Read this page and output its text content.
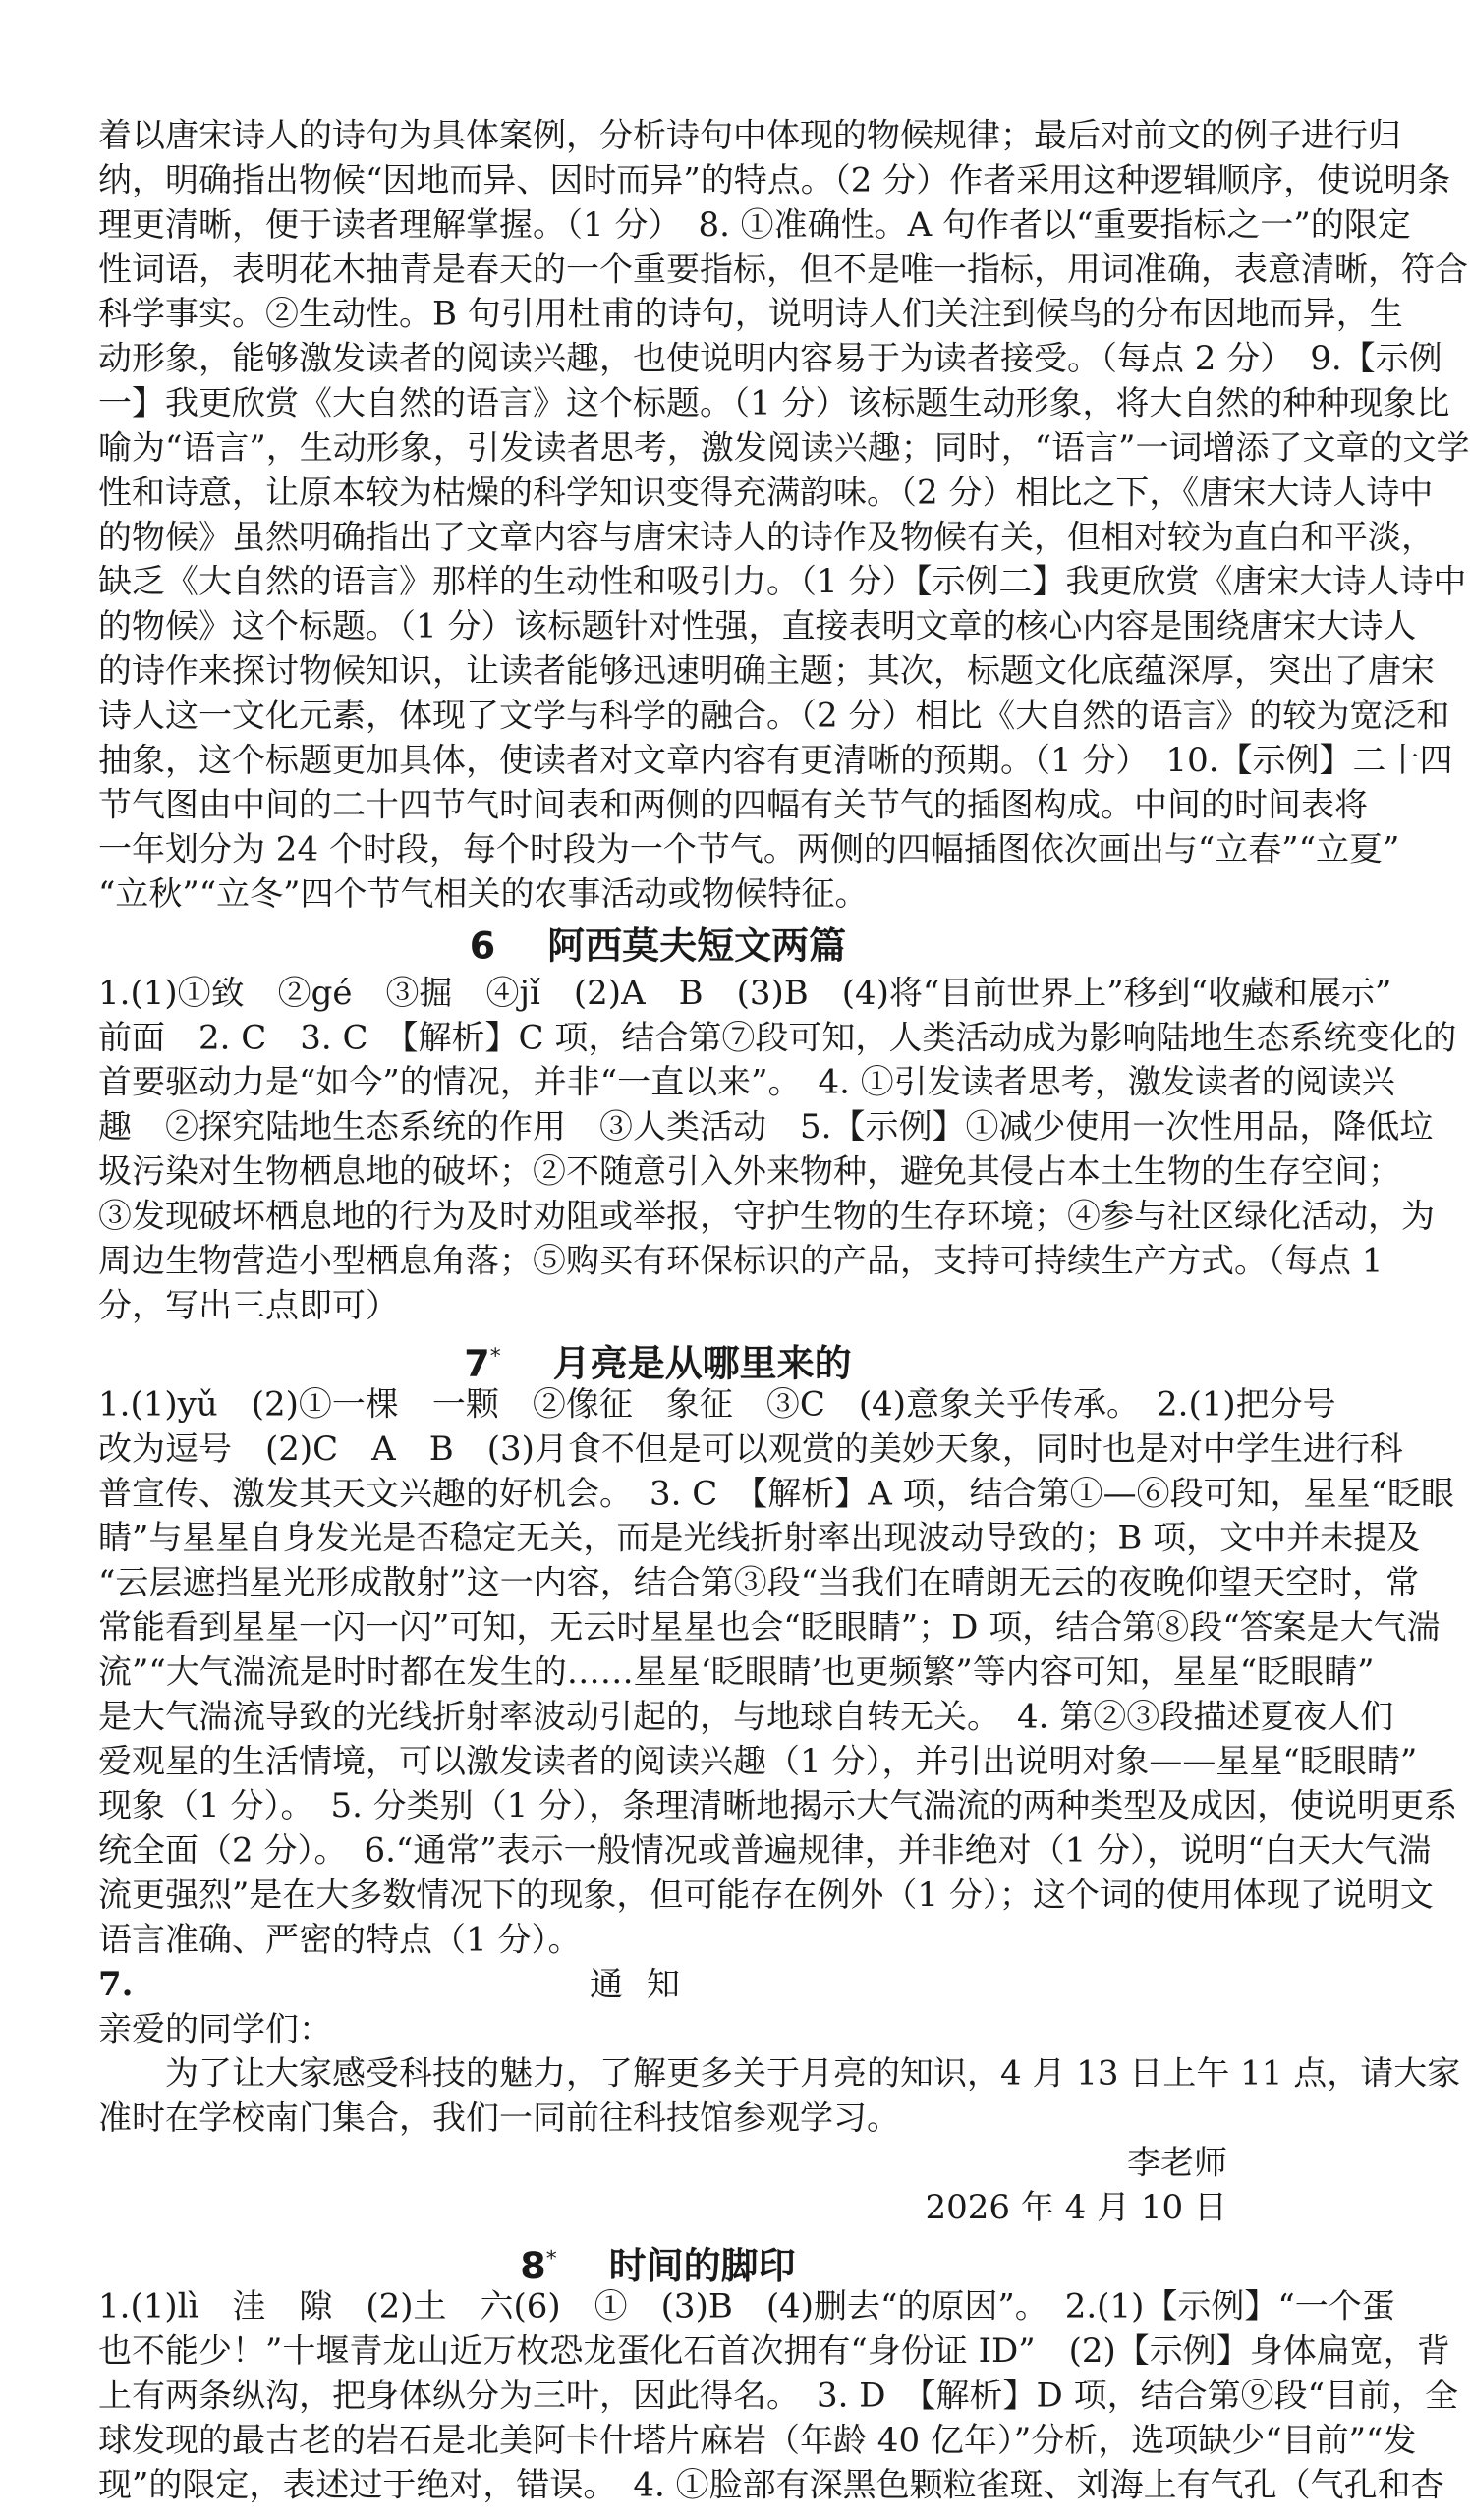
着以唐宋诗人的诗句为具体案例，分析诗句中体现的物候规律；最后对前文的例子进行归
纳，明确指出物候“因地而异、因时而异”的特点。（2 分）作者采用这种逻辑顺序，使说明条
理更清晰，便于读者理解掌握。（1 分）　8. ①准确性。A 句作者以“重要指标之一”的限定
性词语，表明花木抽青是春天的一个重要指标，但不是唯一指标，用词准确，表意清晰，符合
科学事实。②生动性。B 句引用杜甫的诗句，说明诗人们关注到候鸟的分布因地而异，生
动形象，能够激发读者的阅读兴趣，也使说明内容易于为读者接受。（每点 2 分）　9.【示例
一】我更欣赏《大自然的语言》这个标题。（1 分）该标题生动形象，将大自然的种种现象比
喻为“语言”，生动形象，引发读者思考，激发阅读兴趣；同时，“语言”一词增添了文章的文学
性和诗意，让原本较为枯燥的科学知识变得充满韵味。（2 分）相比之下，《唐宋大诗人诗中
的物候》虽然明确指出了文章内容与唐宋诗人的诗作及物候有关，但相对较为直白和平淡，
缺乏《大自然的语言》那样的生动性和吸引力。（1 分）【示例二】我更欣赏《唐宋大诗人诗中
的物候》这个标题。（1 分）该标题针对性强，直接表明文章的核心内容是围绕唐宋大诗人
的诗作来探讨物候知识，让读者能够迅速明确主题；其次，标题文化底蕴深厚，突出了唐宋
诗人这一文化元素，体现了文学与科学的融合。（2 分）相比《大自然的语言》的较为宽泛和
抽象，这个标题更加具体，使读者对文章内容有更清晰的预期。（1 分）　10.【示例】二十四
节气图由中间的二十四节气时间表和两侧的四幅有关节气的插图构成。中间的时间表将
一年划分为 24 个时段，每个时段为一个节气。两侧的四幅插图依次画出与“立春”“立夏”
“立秋”“立冬”四个节气相关的农事活动或物候特征。
6 阿西莫夫短文两篇
1.(1)①致　②gé　③掘　④jǐ　(2)A　B　(3)B　(4)将“目前世界上”移到“收藏和展示”
前面　2. C　3. C　【解析】C 项，结合第⑦段可知，人类活动成为影响陆地生态系统变化的
首要驱动力是“如今”的情况，并非“一直以来”。　4. ①引发读者思考，激发读者的阅读兴
趣　②探究陆地生态系统的作用　③人类活动　5.【示例】①减少使用一次性用品，降低垃
圾污染对生物栖息地的破坏；②不随意引入外来物种，避免其侵占本土生物的生存空间；
③发现破坏栖息地的行为及时劝阻或举报，守护生物的生存环境；④参与社区绿化活动，为
周边生物营造小型栖息角落；⑤购买有环保标识的产品，支持可持续生产方式。（每点 1
分，写出三点即可）
7* 月亮是从哪里来的
1.(1)yǔ　(2)①一棵　一颗　②像征　象征　③C　(4)意象关乎传承。　2.(1)把分号
改为逗号　(2)C　A　B　(3)月食不但是可以观赏的美妙天象，同时也是对中学生进行科
普宣传、激发其天文兴趣的好机会。　3. C　【解析】A 项，结合第①—⑥段可知，星星“眨眼
睛”与星星自身发光是否稳定无关，而是光线折射率出现波动导致的；B 项，文中并未提及
“云层遮挡星光形成散射”这一内容，结合第③段“当我们在晴朗无云的夜晚仰望天空时，常
常能看到星星一闪一闪”可知，无云时星星也会“眨眼睛”；D 项，结合第⑧段“答案是大气湍
流”“大气湍流是时时都在发生的……星星‘眨眼睛’也更频繁”等内容可知，星星“眨眼睛”
是大气湍流导致的光线折射率波动引起的，与地球自转无关。　4. 第②③段描述夏夜人们
爱观星的生活情境，可以激发读者的阅读兴趣（1 分），并引出说明对象——星星“眨眼睛”
现象（1 分）。　5. 分类别（1 分），条理清晰地揭示大气湍流的两种类型及成因，使说明更系
统全面（2 分）。　6.“通常”表示一般情况或普遍规律，并非绝对（1 分），说明“白天大气湍
流更强烈”是在大多数情况下的现象，但可能存在例外（1 分）；这个词的使用体现了说明文
语言准确、严密的特点（1 分）。
7.	通知
亲爱的同学们：
为了让大家感受科技的魅力，了解更多关于月亮的知识，4 月 13 日上午 11 点，请大家
准时在学校南门集合，我们一同前往科技馆参观学习。
李老师
2026 年 4 月 10 日
8* 时间的脚印
1.(1)lì　洼　隙　(2)土　六(6)　①　(3)B　(4)删去“的原因”。　2.(1)【示例】“一个蛋
也不能少！”十堰青龙山近万枚恐龙蛋化石首次拥有“身份证 ID”　(2)【示例】身体扁宽，背
上有两条纵沟，把身体纵分为三叶，因此得名。　3. D　【解析】D 项，结合第⑨段“目前，全
球发现的最古老的岩石是北美阿卡什塔片麻岩（年龄 40 亿年）”分析，选项缺少“目前”“发
现”的限定，表述过于绝对，错误。　4. ①脸部有深黑色颗粒雀斑、刘海上有气孔（气孔和杏
